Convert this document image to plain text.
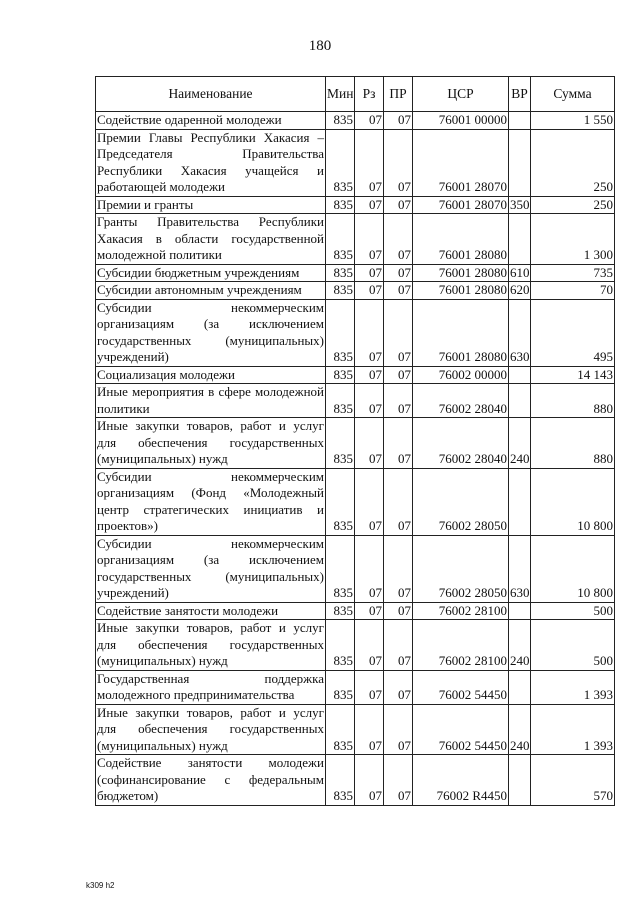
180
Наименование	Мин	Рз	ПР	ЦСР	ВР	Сумма
Содействие одаренной молодежи	835	07	07	76001 00000		1 550
Премии Главы Республики Хакасия – Председателя Правительства Республики Хакасия учащейся и работающей молодежи	835	07	07	76001 28070		250
Премии и гранты	835	07	07	76001 28070	350	250
Гранты Правительства Республики Хакасия в области государственной молодежной политики	835	07	07	76001 28080		1 300
Субсидии бюджетным учреждениям	835	07	07	76001 28080	610	735
Субсидии автономным учреждениям	835	07	07	76001 28080	620	70
Субсидии некоммерческим организациям (за исключением государственных (муниципальных) учреждений)	835	07	07	76001 28080	630	495
Социализация молодежи	835	07	07	76002 00000		14 143
Иные мероприятия в сфере молодежной политики	835	07	07	76002 28040		880
Иные закупки товаров, работ и услуг для обеспечения государственных (муниципальных) нужд	835	07	07	76002 28040	240	880
Субсидии некоммерческим организациям (Фонд «Молодежный центр стратегических инициатив и проектов»)	835	07	07	76002 28050		10 800
Субсидии некоммерческим организациям (за исключением государственных (муниципальных) учреждений)	835	07	07	76002 28050	630	10 800
Содействие занятости молодежи	835	07	07	76002 28100		500
Иные закупки товаров, работ и услуг для обеспечения государственных (муниципальных) нужд	835	07	07	76002 28100	240	500
Государственная поддержка молодежного предпринимательства	835	07	07	76002 54450		1 393
Иные закупки товаров, работ и услуг для обеспечения государственных (муниципальных) нужд	835	07	07	76002 54450	240	1 393
Содействие занятости молодежи (софинансирование с федеральным бюджетом)	835	07	07	76002 R4450		570
k309 h2
